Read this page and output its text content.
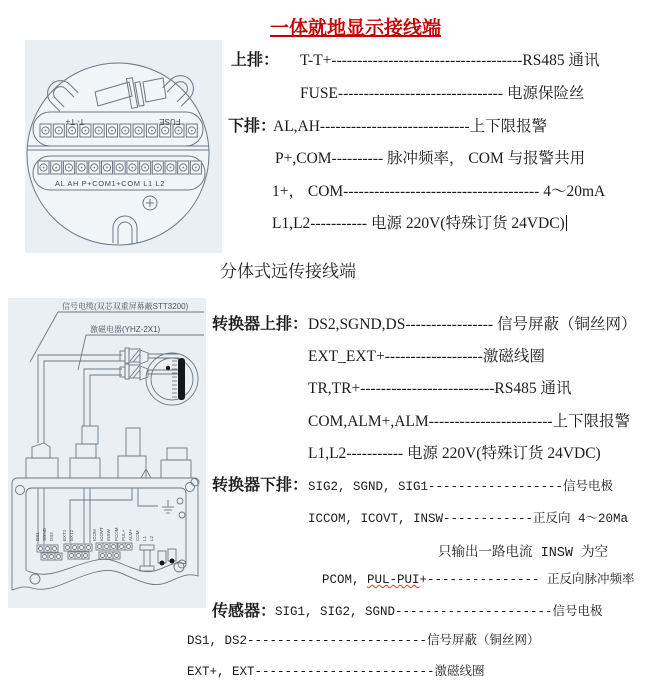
一体就地显示接线端
上排： T-T+-------------------------------------RS485 通讯
FUSE-------------------------------- 电源保险丝
下排：
AL,AH-----------------------------上下限报警
P+,COM---------- 脉冲频率， COM 与报警共用
1+， COM-------------------------------------- 4～20mA
L1,L2----------- 电源 220V(特殊订货 24VDC)
分体式远传接线端
转换器上排： DS2,SGND,DS----------------- 信号屏蔽（铜丝网）
EXT_EXT+-------------------激磁线圈
TR,TR+--------------------------RS485 通讯
COM,ALM+,ALM------------------------上下限报警
L1,L2----------- 电源 220V(特殊订货 24VDC)
转换器下排： SIG2, SGND, SIG1------------------信号电极
ICCOM, ICOVT, INSW------------正反向 4～20Ma
只输出一路电流 INSW 为空
PCOM, PUL-PUI+--------------- 正反向脉冲频率
传感器：
SIG1, SIG2, SGND---------------------信号电极
DS1, DS2------------------------信号屏蔽（铜丝网）
EXT+, EXT------------------------激磁线圈
T- T+	FUSE
AL AH P+COM1+COM L1 L2
信号电缆(双芯双重屏幕蔽STT3200)
激磁电器(YHZ-2X1)
DS1 SGND DS2 EXT1 EXT2	ICOM ICOVT INSW PCOM PUL+ ALM+ COM L1 L2
